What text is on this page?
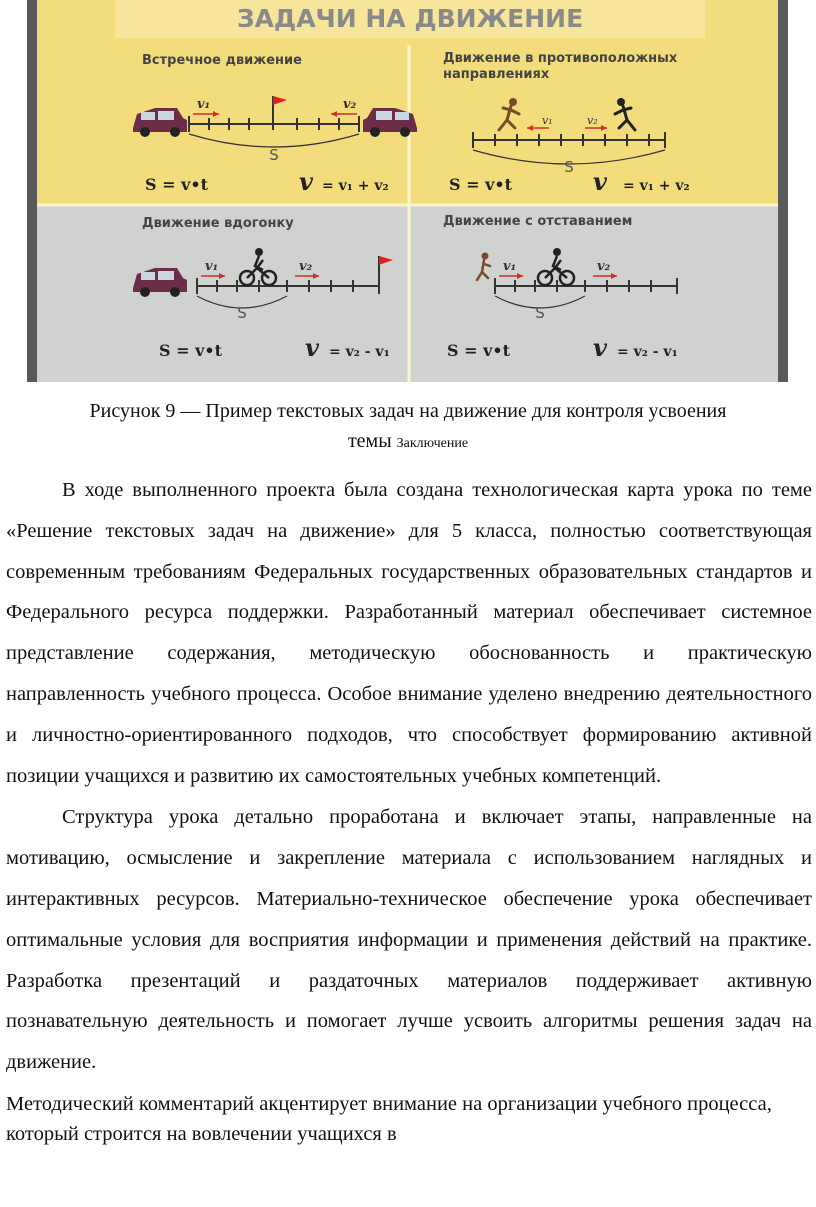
ЗАДАЧИ НА ДВИЖЕНИЕ
Встречное движение
v₁	v₂
S
S = v•t	v = v₁ + v₂
Движение в противоположных
направлениях
v₁	v₂
S
S = v•t	v = v₁ + v₂
Движение вдогонку
v₁	v₂
S
S = v•t	v = v₂ - v₁
Движение с отставанием
v₁	v₂
S
S = v•t	v = v₂ - v₁
Рисунок 9 — Пример текстовых задач на движение для контроля усвоения
темы Заключение

В ходе выполненного проекта была создана технологическая карта урока по теме «Решение текстовых задач на движение» для 5 класса, полностью соответствующая современным требованиям Федеральных государственных образовательных стандартов и Федерального ресурса поддержки. Разработанный материал обеспечивает системное представление содержания, методическую обоснованность и практическую направленность учебного процесса. Особое внимание уделено внедрению деятельностного и личностно-ориентированного подходов, что способствует формированию активной позиции учащихся и развитию их самостоятельных учебных компетенций.

Структура урока детально проработана и включает этапы, направленные на мотивацию, осмысление и закрепление материала с использованием наглядных и интерактивных ресурсов. Материально-техническое обеспечение урока обеспечивает оптимальные условия для восприятия информации и применения действий на практике. Разработка презентаций и раздаточных материалов поддерживает активную познавательную деятельность и помогает лучше усвоить алгоритмы решения задач на движение.

Методический комментарий акцентирует внимание на организации учебного процесса, который строится на вовлечении учащихся в
